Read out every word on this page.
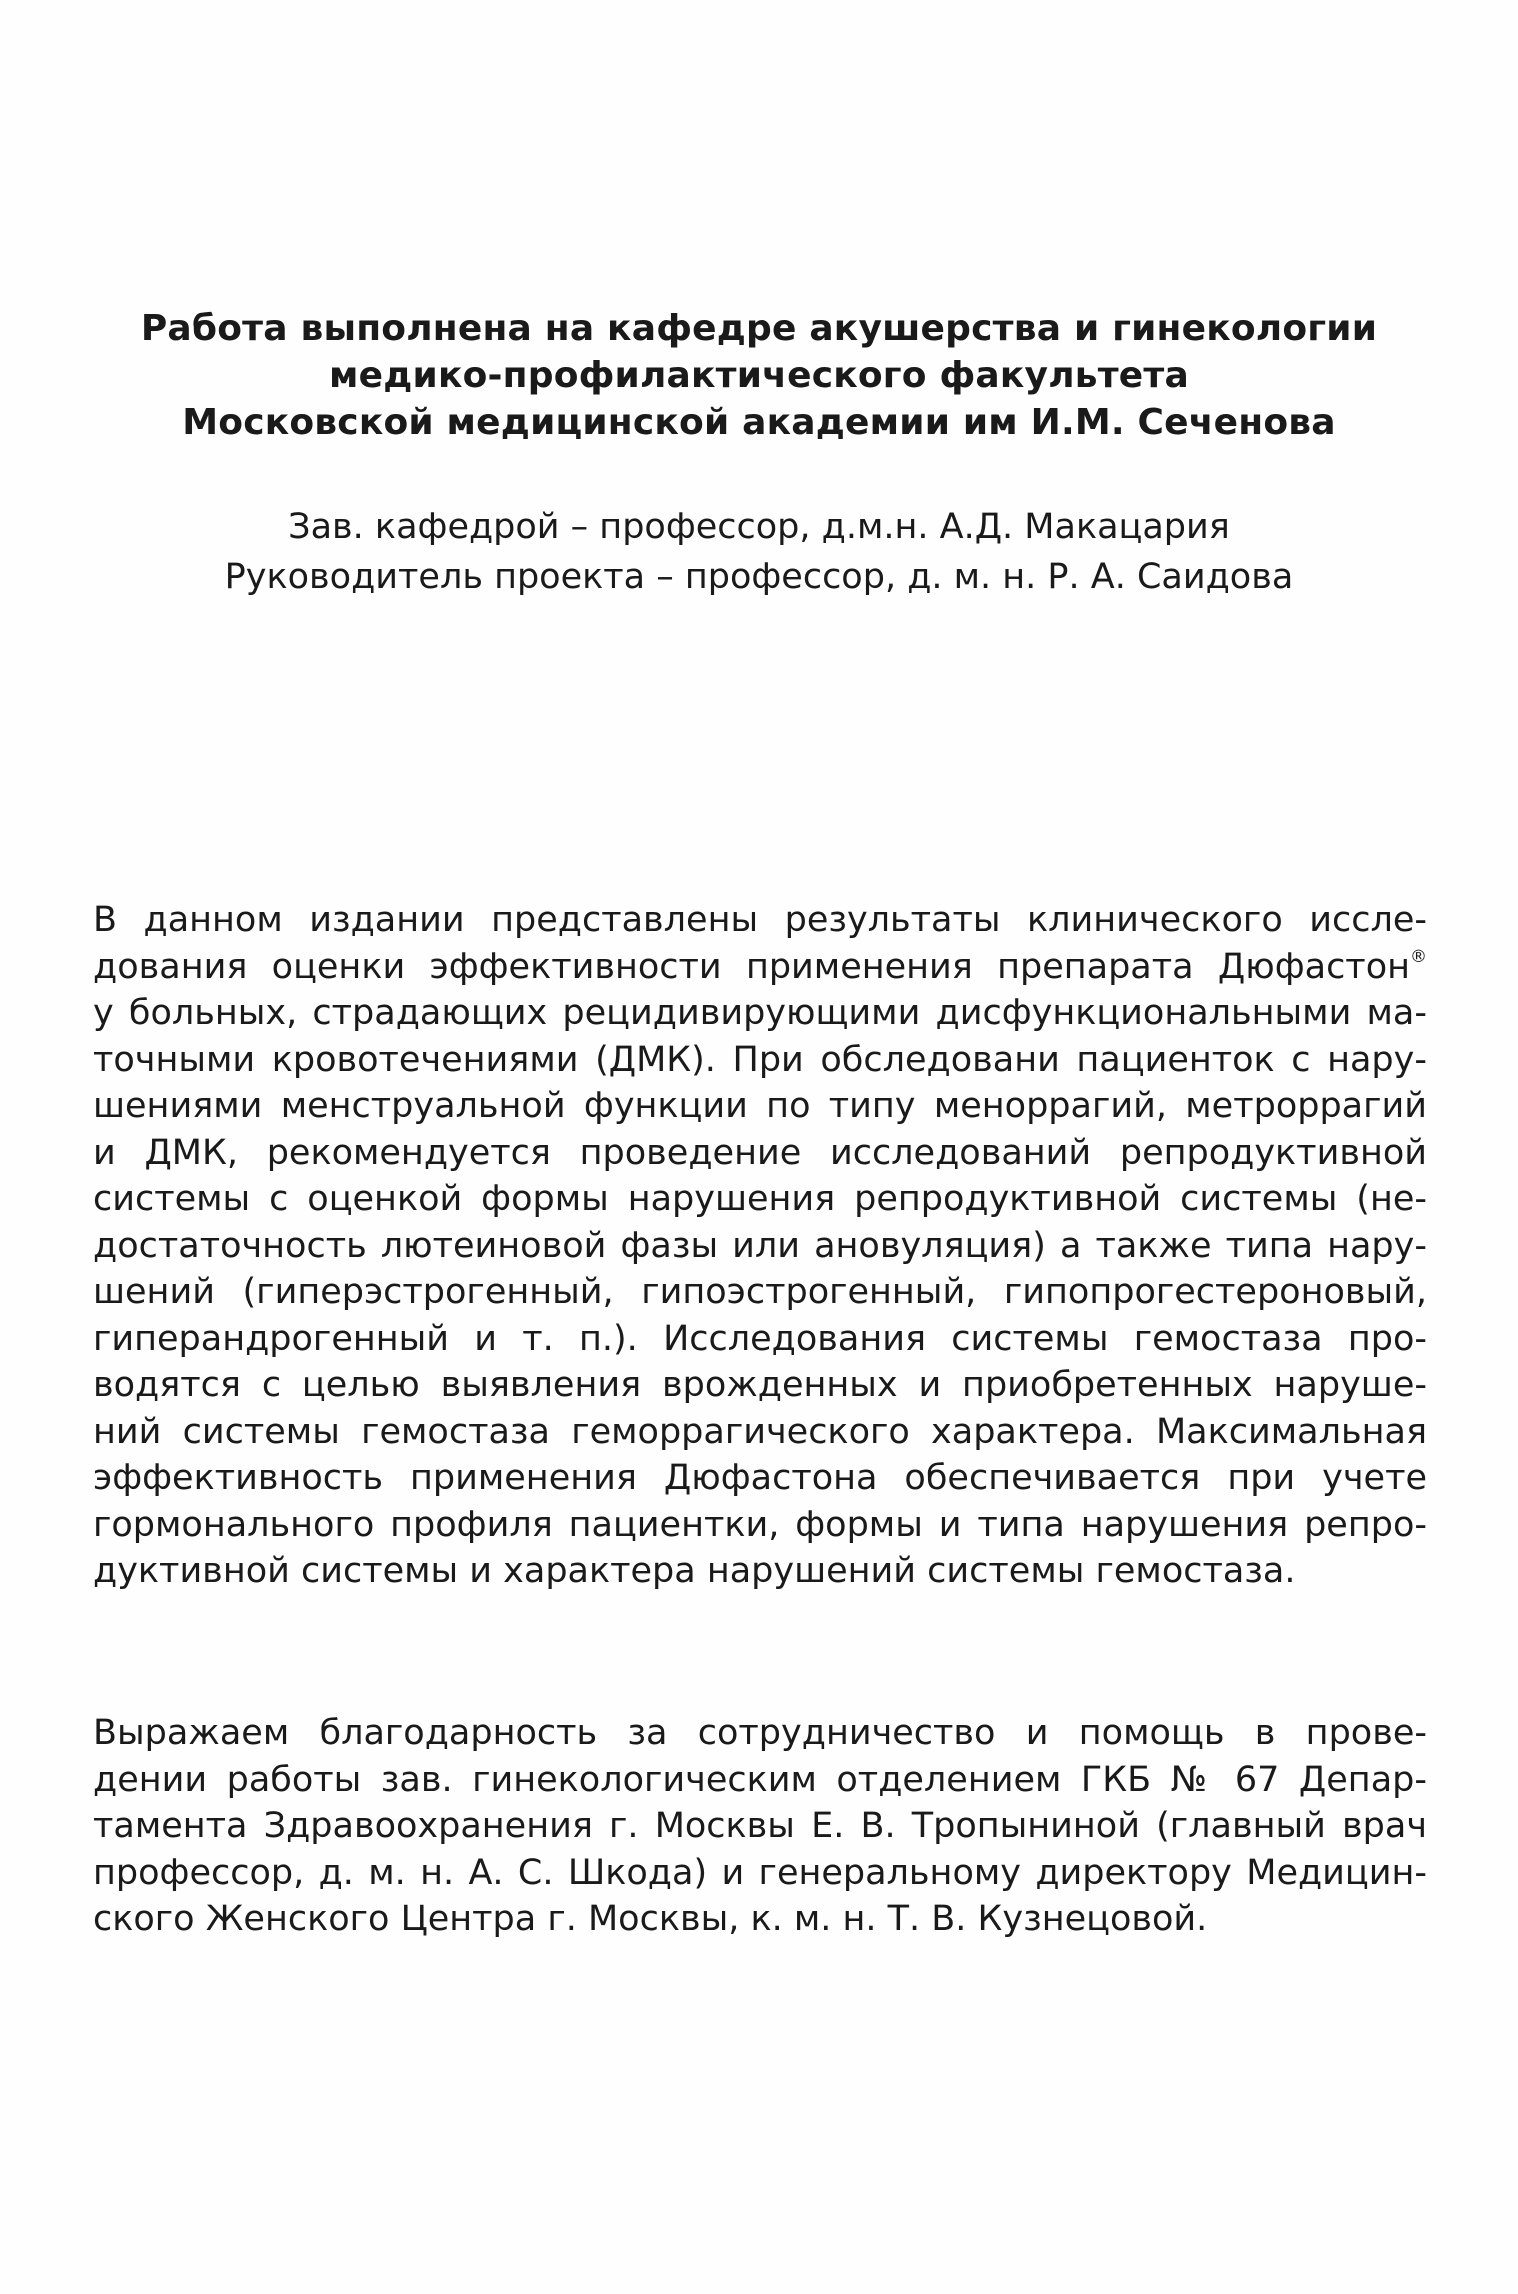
Работа выполнена на кафедре акушерства и гинекологии
медико-профилактического факультета
Московской медицинской академии им И.М. Сеченова
Зав. кафедрой – профессор, д.м.н. А.Д. Макацария
Руководитель проекта – профессор, д. м. н. Р. А. Саидова
В данном издании представлены результаты клинического иссле-
дования оценки эффективности применения препарата Дюфастон®
у больных, страдающих рецидивирующими дисфункциональными ма-
точными кровотечениями (ДМК). При обследовани пациенток с нару-
шениями менструальной функции по типу меноррагий, метроррагий
и ДМК, рекомендуется проведение исследований репродуктивной
системы с оценкой формы нарушения репродуктивной системы (не-
достаточность лютеиновой фазы или ановуляция) а также типа нару-
шений (гиперэстрогенный, гипоэстрогенный, гипопрогестероновый,
гиперандрогенный и т. п.). Исследования системы гемостаза про-
водятся с целью выявления врожденных и приобретенных наруше-
ний системы гемостаза геморрагического характера. Максимальная
эффективность применения Дюфастона обеспечивается при учете
гормонального профиля пациентки, формы и типа нарушения репро-
дуктивной системы и характера нарушений системы гемостаза.
Выражаем благодарность за сотрудничество и помощь в прове-
дении работы зав. гинекологическим отделением ГКБ № 67 Депар-
тамента Здравоохранения г. Москвы Е. В. Тропыниной (главный врач
профессор, д. м. н. А. С. Шкода) и генеральному директору Медицин-
ского Женского Центра г. Москвы, к. м. н. Т. В. Кузнецовой.
